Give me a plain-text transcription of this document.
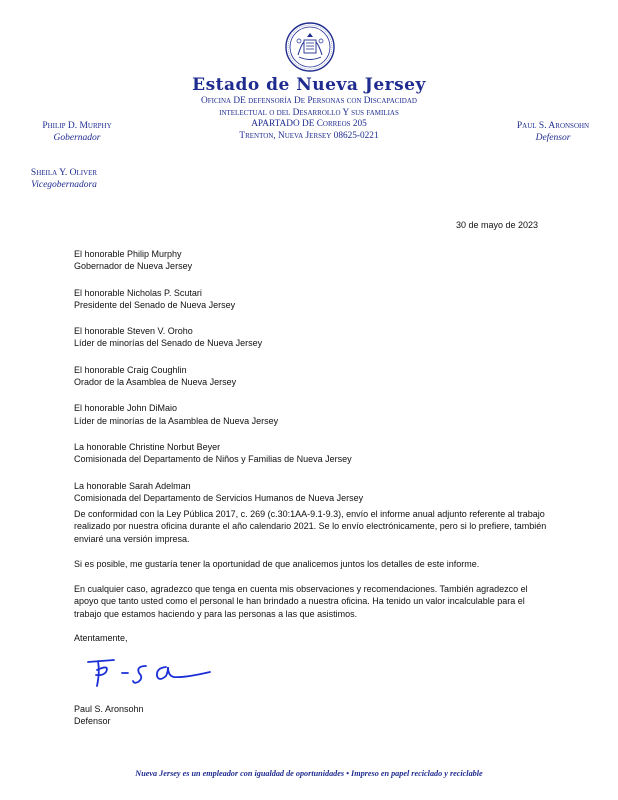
Estado de Nueva Jersey
Oficina DE defensoría De Personas con Discapacidad
intelectual o del Desarrollo Y sus familias
APARTADO DE Correos 205
Trenton, Nueva Jersey 08625-0221
Philip D. Murphy
Gobernador
Sheila Y. Oliver
Vicegobernadora
Paul S. Aronsohn
Defensor
30 de mayo de 2023
El honorable Philip Murphy
Gobernador de Nueva Jersey
El honorable Nicholas P. Scutari
Presidente del Senado de Nueva Jersey
El honorable Steven V. Oroho
Líder de minorías del Senado de Nueva Jersey
El honorable Craig Coughlin
Orador de la Asamblea de Nueva Jersey
El honorable John DiMaio
Líder de minorías de la Asamblea de Nueva Jersey
La honorable Christine Norbut Beyer
Comisionada del Departamento de Niños y Familias de Nueva Jersey
La honorable Sarah Adelman
Comisionada del Departamento de Servicios Humanos de Nueva Jersey

De conformidad con la Ley Pública 2017, c. 269 (c.30:1AA-9.1-9.3), envío el informe anual adjunto referente al trabajo realizado por nuestra oficina durante el año calendario 2021. Se lo envío electrónicamente, pero si lo prefiere, también enviaré una versión impresa.

Si es posible, me gustaría tener la oportunidad de que analicemos juntos los detalles de este informe.

En cualquier caso, agradezco que tenga en cuenta mis observaciones y recomendaciones. También agradezco el apoyo que tanto usted como el personal le han brindado a nuestra oficina. Ha tenido un valor incalculable para el trabajo que estamos haciendo y para las personas a las que asistimos.

Atentamente,
Paul S. Aronsohn
Defensor
Nueva Jersey es un empleador con igualdad de oportunidades • Impreso en papel reciclado y reciclable
